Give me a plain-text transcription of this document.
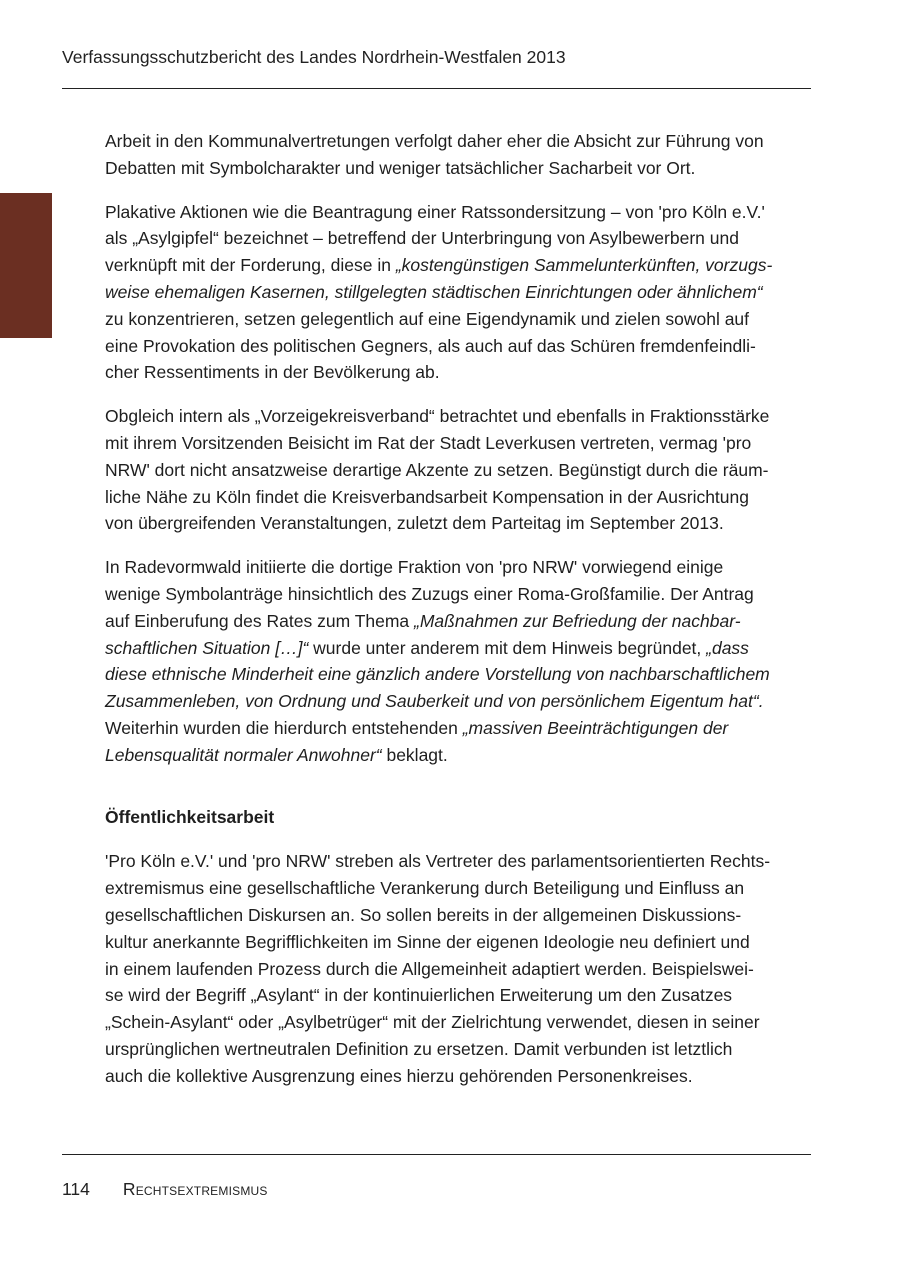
Verfassungsschutzbericht des Landes Nordrhein-Westfalen 2013

Arbeit in den Kommunalvertretungen verfolgt daher eher die Absicht zur Führung von
Debatten mit Symbolcharakter und weniger tatsächlicher Sacharbeit vor Ort.

Plakative Aktionen wie die Beantragung einer Ratssondersitzung – von 'pro Köln e.V.'
als „Asylgipfel“ bezeichnet – betreffend der Unterbringung von Asylbewerbern und
verknüpft mit der Forderung, diese in „kostengünstigen Sammelunterkünften, vorzugs-
weise ehemaligen Kasernen, stillgelegten städtischen Einrichtungen oder ähnlichem“
zu konzentrieren, setzen gelegentlich auf eine Eigendynamik und zielen sowohl auf
eine Provokation des politischen Gegners, als auch auf das Schüren fremdenfeindli-
cher Ressentiments in der Bevölkerung ab.

Obgleich intern als „Vorzeigekreisverband“ betrachtet und ebenfalls in Fraktionsstärke
mit ihrem Vorsitzenden Beisicht im Rat der Stadt Leverkusen vertreten, vermag 'pro
NRW' dort nicht ansatzweise derartige Akzente zu setzen. Begünstigt durch die räum-
liche Nähe zu Köln findet die Kreisverbandsarbeit Kompensation in der Ausrichtung
von übergreifenden Veranstaltungen, zuletzt dem Parteitag im September 2013.

In Radevormwald initiierte die dortige Fraktion von 'pro NRW' vorwiegend einige
wenige Symbolanträge hinsichtlich des Zuzugs einer Roma-Großfamilie. Der Antrag
auf Einberufung des Rates zum Thema „Maßnahmen zur Befriedung der nachbar-
schaftlichen Situation […]“ wurde unter anderem mit dem Hinweis begründet, „dass
diese ethnische Minderheit eine gänzlich andere Vorstellung von nachbarschaftlichem
Zusammenleben, von Ordnung und Sauberkeit und von persönlichem Eigentum hat“.
Weiterhin wurden die hierdurch entstehenden „massiven Beeinträchtigungen der
Lebensqualität normaler Anwohner“ beklagt.

Öffentlichkeitsarbeit

'Pro Köln e.V.' und 'pro NRW' streben als Vertreter des parlamentsorientierten Rechts-
extremismus eine gesellschaftliche Verankerung durch Beteiligung und Einfluss an
gesellschaftlichen Diskursen an. So sollen bereits in der allgemeinen Diskussions-
kultur anerkannte Begrifflichkeiten im Sinne der eigenen Ideologie neu definiert und
in einem laufenden Prozess durch die Allgemeinheit adaptiert werden. Beispielswei-
se wird der Begriff „Asylant“ in der kontinuierlichen Erweiterung um den Zusatzes
„Schein-Asylant“ oder „Asylbetrüger“ mit der Zielrichtung verwendet, diesen in seiner
ursprünglichen wertneutralen Definition zu ersetzen. Damit verbunden ist letztlich
auch die kollektive Ausgrenzung eines hierzu gehörenden Personenkreises.

114 Rechtsextremismus
